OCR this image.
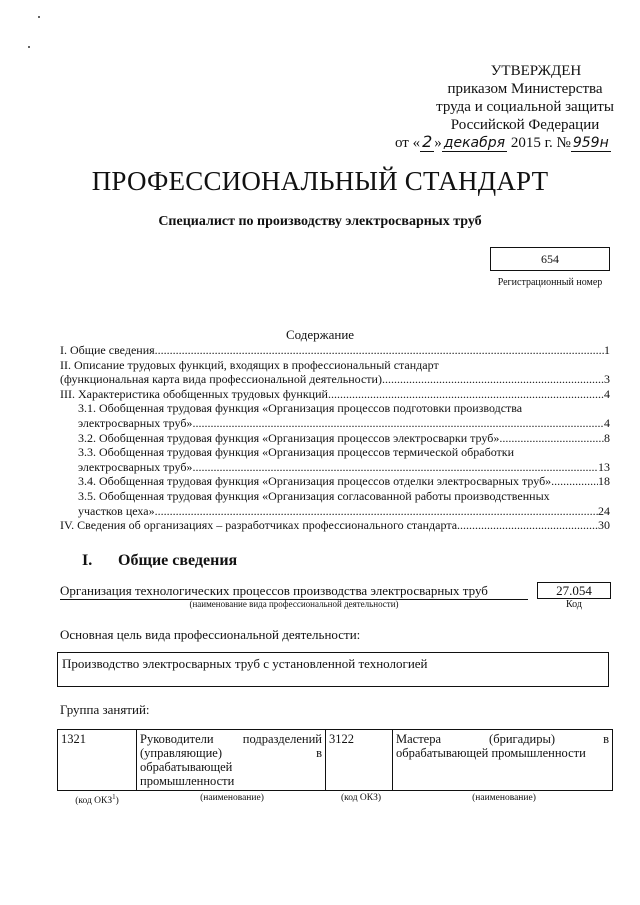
УТВЕРЖДЕН
приказом Министерства
труда и социальной защиты
Российской Федерации
от « 2 » декабря 2015 г. № 959н
ПРОФЕССИОНАЛЬНЫЙ СТАНДАРТ
Специалист по производству электросварных труб
654
Регистрационный номер
Содержание
I. Общие сведения .....	1
II. Описание трудовых функций, входящих в профессиональный стандарт
(функциональная карта вида профессиональной деятельности) .....	3
III. Характеристика обобщенных трудовых функций .....	4
3.1. Обобщенная трудовая функция «Организация процессов подготовки производства
электросварных труб» .....	4
3.2. Обобщенная трудовая функция «Организация процессов электросварки труб» .....	8
3.3. Обобщенная трудовая функция «Организация процессов термической обработки
электросварных труб» .....	13
3.4. Обобщенная трудовая функция «Организация процессов отделки электросварных труб» .....	18
3.5. Обобщенная трудовая функция «Организация согласованной работы производственных
участков цеха» .....	24
IV. Сведения об организациях – разработчиках профессионального стандарта .....	30
I. Общие сведения
Организация технологических процессов производства электросварных труб
(наименование вида профессиональной деятельности)
27.054
Код
Основная цель вида профессиональной деятельности:
Производство электросварных труб с установленной технологией
Группа занятий:
1321	Руководители подразделений (управляющие) в обрабатывающей промышленности	3122	Мастера (бригадиры) в обрабатывающей промышленности
(код ОКЗ$^1$)	(наименование)	(код ОКЗ)	(наименование)
